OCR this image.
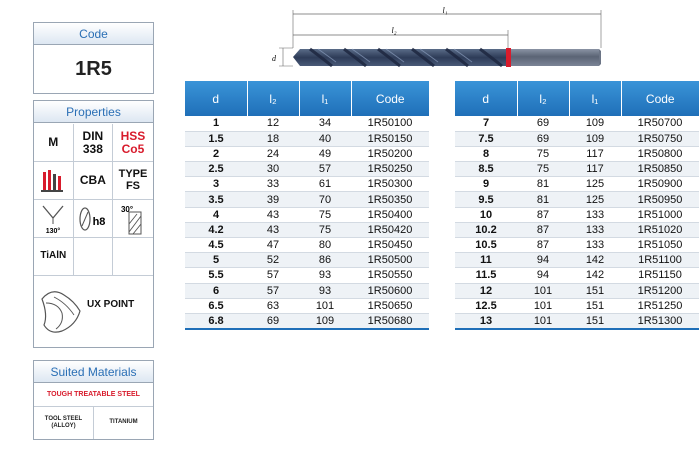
Code
1R5
Properties
M	DIN
338
HSS
Co5
CBA	TYPE
FS
130°
h8
30°
TiAlN
UX POINT
Suited Materials
TOUGH TREATABLE STEEL
TOOL STEEL
(ALLOY)
TITANIUM
l₁
l₂
d
d	l₂	l₁	Code
1	12	34	1R50100
1.5	18	40	1R50150
2	24	49	1R50200
2.5	30	57	1R50250
3	33	61	1R50300
3.5	39	70	1R50350
4	43	75	1R50400
4.2	43	75	1R50420
4.5	47	80	1R50450
5	52	86	1R50500
5.5	57	93	1R50550
6	57	93	1R50600
6.5	63	101	1R50650
6.8	69	109	1R50680
d	l₂	l₁	Code
7	69	109	1R50700
7.5	69	109	1R50750
8	75	117	1R50800
8.5	75	117	1R50850
9	81	125	1R50900
9.5	81	125	1R50950
10	87	133	1R51000
10.2	87	133	1R51020
10.5	87	133	1R51050
11	94	142	1R51100
11.5	94	142	1R51150
12	101	151	1R51200
12.5	101	151	1R51250
13	101	151	1R51300
